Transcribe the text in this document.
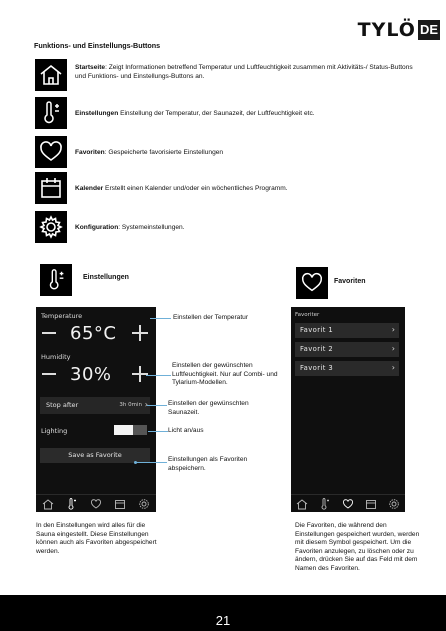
TYLÖ DE
Funktions- und Einstellungs-Buttons
Startseite: Zeigt Informationen betreffend Temperatur und Luftfeuchtigkeit zusammen mit Aktivitäts-/ Status-Buttons und Funktions- und Einstellungs-Buttons an.
Einstellungen Einstellung der Temperatur, der Saunazeit, der Luftfeuchtigkeit etc.
Favoriten: Gespeicherte favorisierte Einstellungen
Kalender Erstellt einen Kalender und/oder ein wöchentliches Programm.
Konfiguration: Systemeinstellungen.
Einstellungen
Favoriten
Temperature
65°C
Humidity
30%
Stop after	3h 0min ›
Lighting
Save as Favorite
Einstellen der Temperatur
Einstellen der gewünschten Luftfeuchtigkeit. Nur auf Combi- und Tylarium-Modellen.
Einstellen der gewünschten Saunazeit.
Licht an/aus
Einstellungen als Favoriten abspeichern.
Favoriter
Favorit 1	›
Favorit 2	›
Favorit 3	›
In den Einstellungen wird alles für die Sauna eingestellt. Diese Einstellungen können auch als Favoriten abgespeichert werden.
Die Favoriten, die während den Einstellungen gespeichert wurden, werden mit diesem Symbol gespeichert. Um die Favoriten anzulegen, zu löschen oder zu ändern, drücken Sie auf das Feld mit dem Namen des Favoriten.
21
